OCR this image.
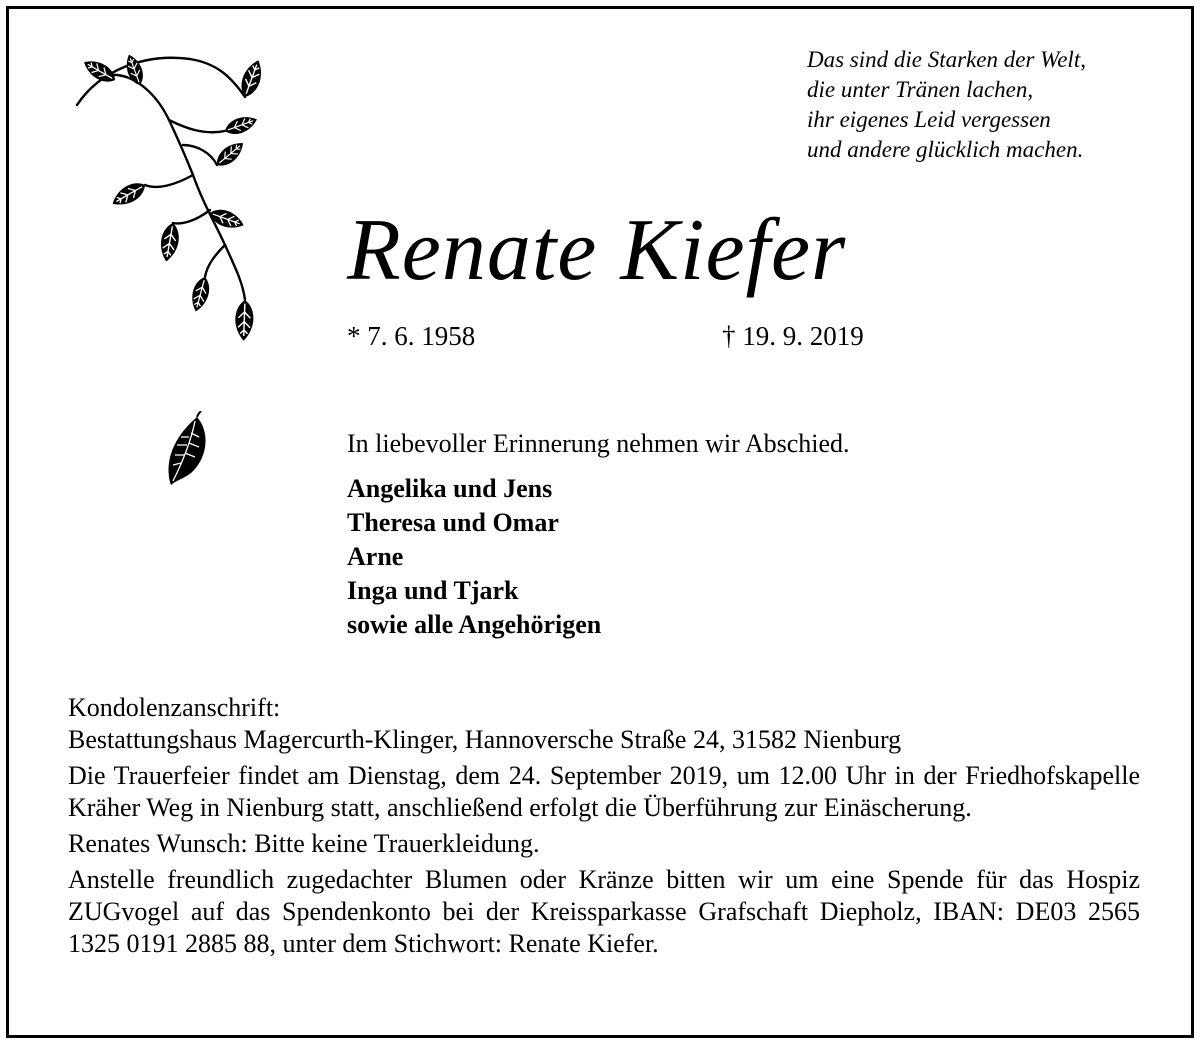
Das sind die Starken der Welt,
die unter Tränen lachen,
ihr eigenes Leid vergessen
und andere glücklich machen.
Renate Kiefer
* 7. 6. 1958	† 19. 9. 2019
In liebevoller Erinnerung nehmen wir Abschied.
Angelika und Jens
Theresa und Omar
Arne
Inga und Tjark
sowie alle Angehörigen

Kondolenzanschrift:

Bestattungshaus Magercurth-Klinger, Hannoversche Straße 24, 31582 Nienburg

Die Trauerfeier findet am Dienstag, dem 24. September 2019, um 12.00 Uhr in der Friedhofskapelle Kräher Weg in Nienburg statt, anschließend erfolgt die Überführung zur Einäscherung.

Renates Wunsch: Bitte keine Trauerkleidung.

Anstelle freundlich zugedachter Blumen oder Kränze bitten wir um eine Spende für das Hospiz ZUGvogel auf das Spendenkonto bei der Kreissparkasse Grafschaft Diepholz, IBAN: DE03 2565 1325 0191 2885 88, unter dem Stichwort: Renate Kiefer.
